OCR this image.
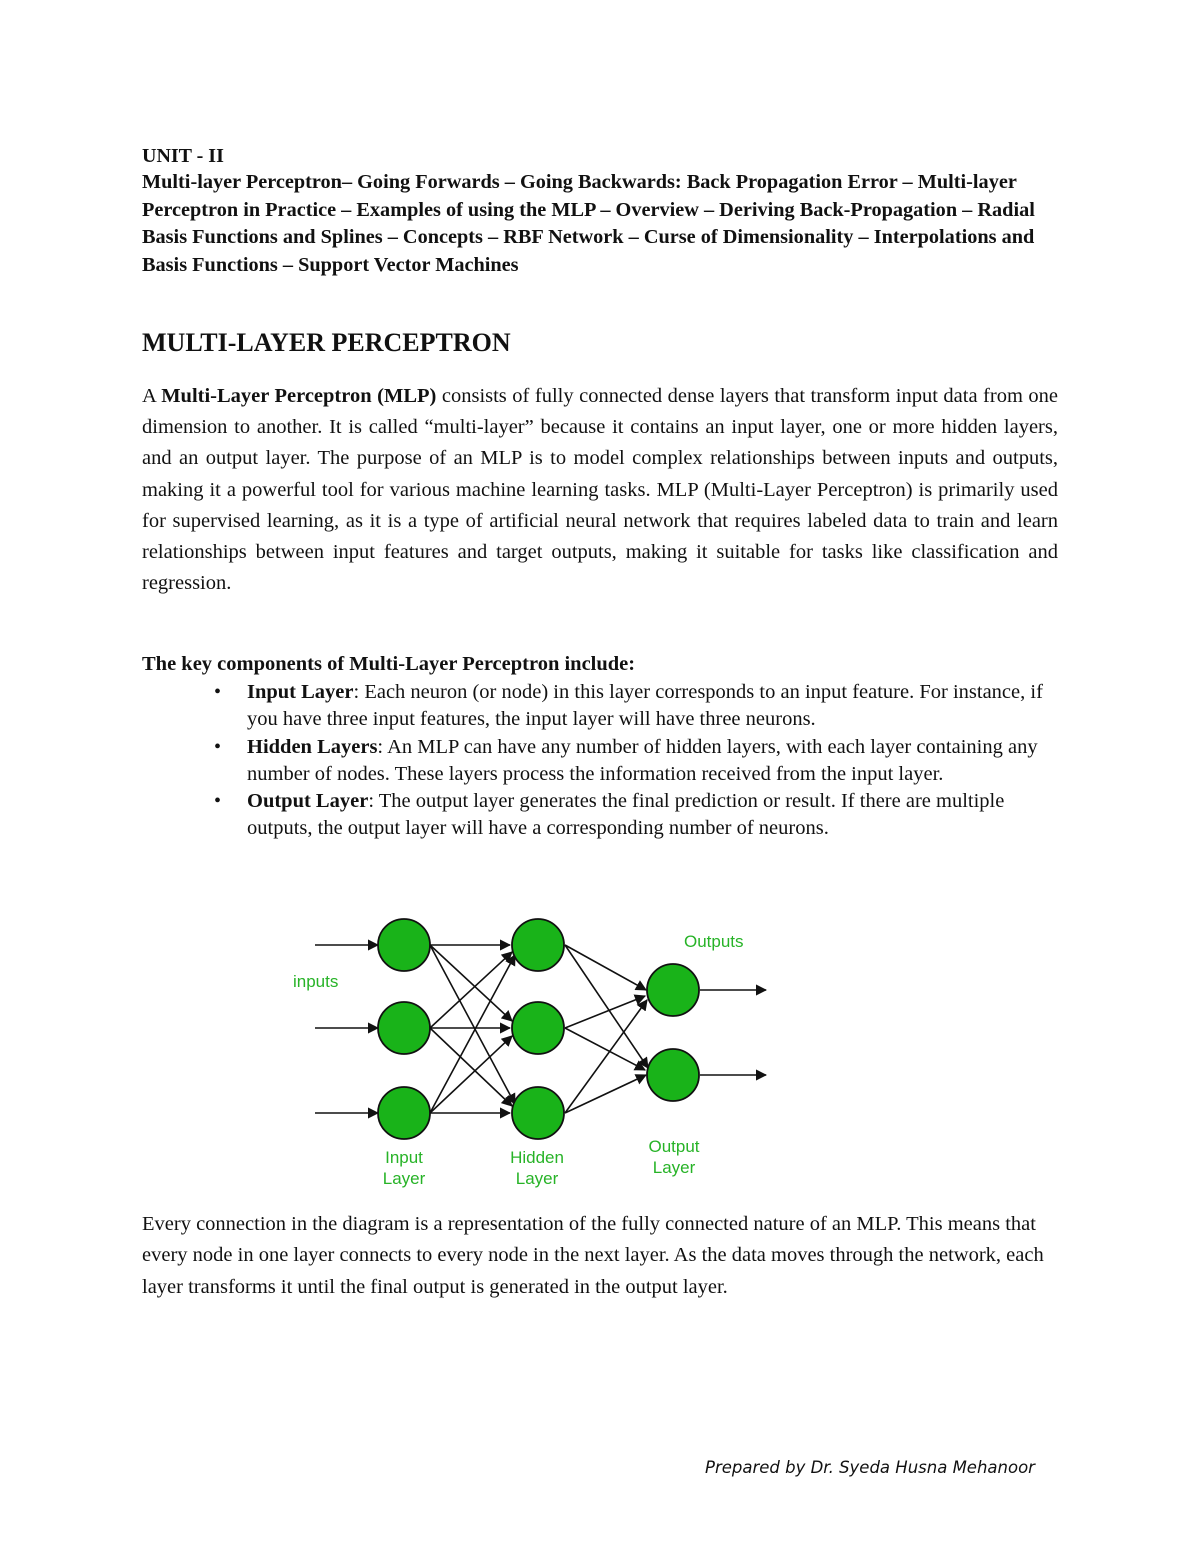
UNIT - II
Multi-layer Perceptron– Going Forwards – Going Backwards: Back Propagation Error – Multi-layer Perceptron in Practice – Examples of using the MLP – Overview – Deriving Back-Propagation – Radial Basis Functions and Splines – Concepts – RBF Network – Curse of Dimensionality – Interpolations and Basis Functions – Support Vector Machines
MULTI-LAYER PERCEPTRON

A Multi-Layer Perceptron (MLP) consists of fully connected dense layers that transform input data from one dimension to another. It is called “multi-layer” because it contains an input layer, one or more hidden layers, and an output layer. The purpose of an MLP is to model complex relationships between inputs and outputs, making it a powerful tool for various machine learning tasks. MLP (Multi-Layer Perceptron) is primarily used for supervised learning, as it is a type of artificial neural network that requires labeled data to train and learn relationships between input features and target outputs, making it suitable for tasks like classification and regression.

The key components of Multi-Layer Perceptron include:
• Input Layer: Each neuron (or node) in this layer corresponds to an input feature. For instance, if you have three input features, the input layer will have three neurons.
• Hidden Layers: An MLP can have any number of hidden layers, with each layer containing any number of nodes. These layers process the information received from the input layer.
• Output Layer: The output layer generates the final prediction or result. If there are multiple outputs, the output layer will have a corresponding number of neurons.
inputs
Outputs
Input
Layer
Hidden
Layer
Output
Layer

Every connection in the diagram is a representation of the fully connected nature of an MLP. This means that every node in one layer connects to every node in the next layer. As the data moves through the network, each layer transforms it until the final output is generated in the output layer.

Prepared by Dr. Syeda Husna Mehanoor
